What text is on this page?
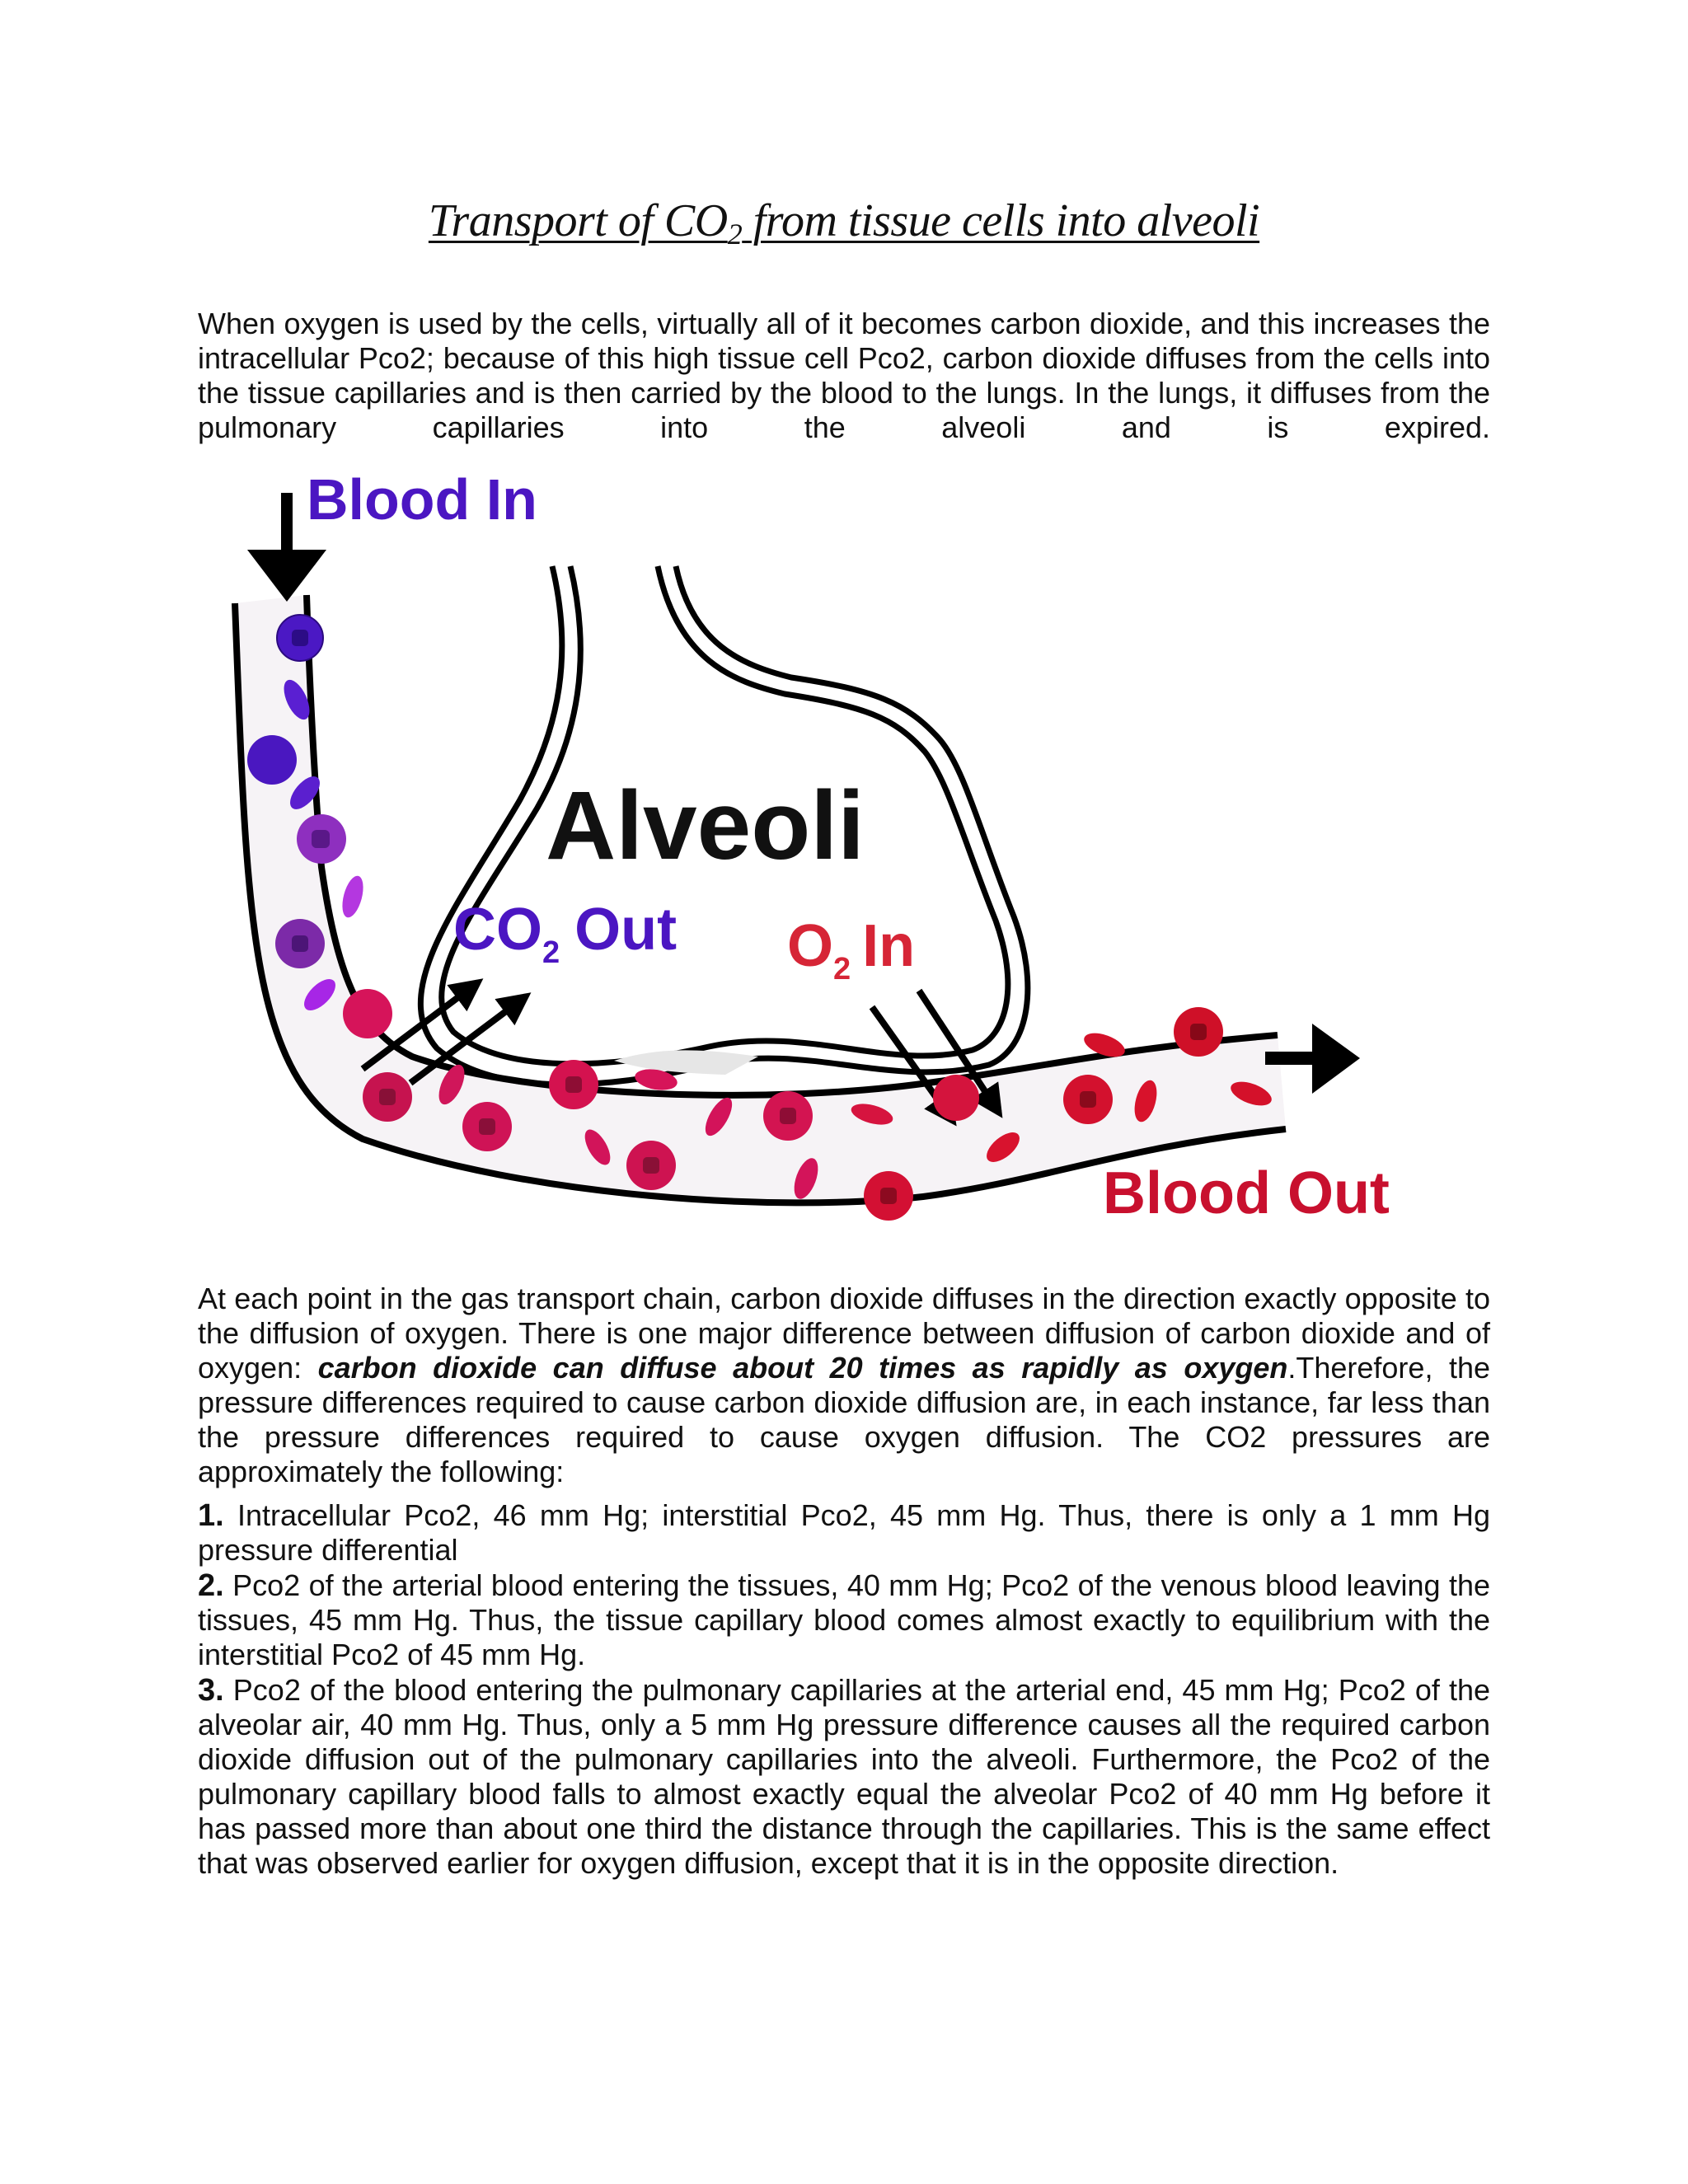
Transport of $CO_2$ from tissue cells into alveoli

When oxygen is used by the cells, virtually all of it becomes carbon dioxide, and this increases the intracellular Pco2; because of this high tissue cell Pco2, carbon dioxide diffuses from the cells into the tissue capillaries and is then carried by the blood to the lungs. In the lungs, it diffuses from the pulmonary capillaries into the alveoli and is expired.

Blood In
Alveoli
$CO_2$ Out $O_2$ In
Blood Out

At each point in the gas transport chain, carbon dioxide diffuses in the direction exactly opposite to the diffusion of oxygen. There is one major difference between diffusion of carbon dioxide and of oxygen: carbon dioxide can diffuse about 20 times as rapidly as oxygen.Therefore, the pressure differences required to cause carbon dioxide diffusion are, in each instance, far less than the pressure differences required to cause oxygen diffusion. The CO2 pressures are approximately the following:

1. Intracellular Pco2, 46 mm Hg; interstitial Pco2, 45 mm Hg. Thus, there is only a 1 mm Hg pressure differential

2. Pco2 of the arterial blood entering the tissues, 40 mm Hg; Pco2 of the venous blood leaving the tissues, 45 mm Hg. Thus, the tissue capillary blood comes almost exactly to equilibrium with the interstitial Pco2 of 45 mm Hg.

3. Pco2 of the blood entering the pulmonary capillaries at the arterial end, 45 mm Hg; Pco2 of the alveolar air, 40 mm Hg. Thus, only a 5 mm Hg pressure difference causes all the required carbon dioxide diffusion out of the pulmonary capillaries into the alveoli. Furthermore, the Pco2 of the pulmonary capillary blood falls to almost exactly equal the alveolar Pco2 of 40 mm Hg before it has passed more than about one third the distance through the capillaries. This is the same effect that was observed earlier for oxygen diffusion, except that it is in the opposite direction.
